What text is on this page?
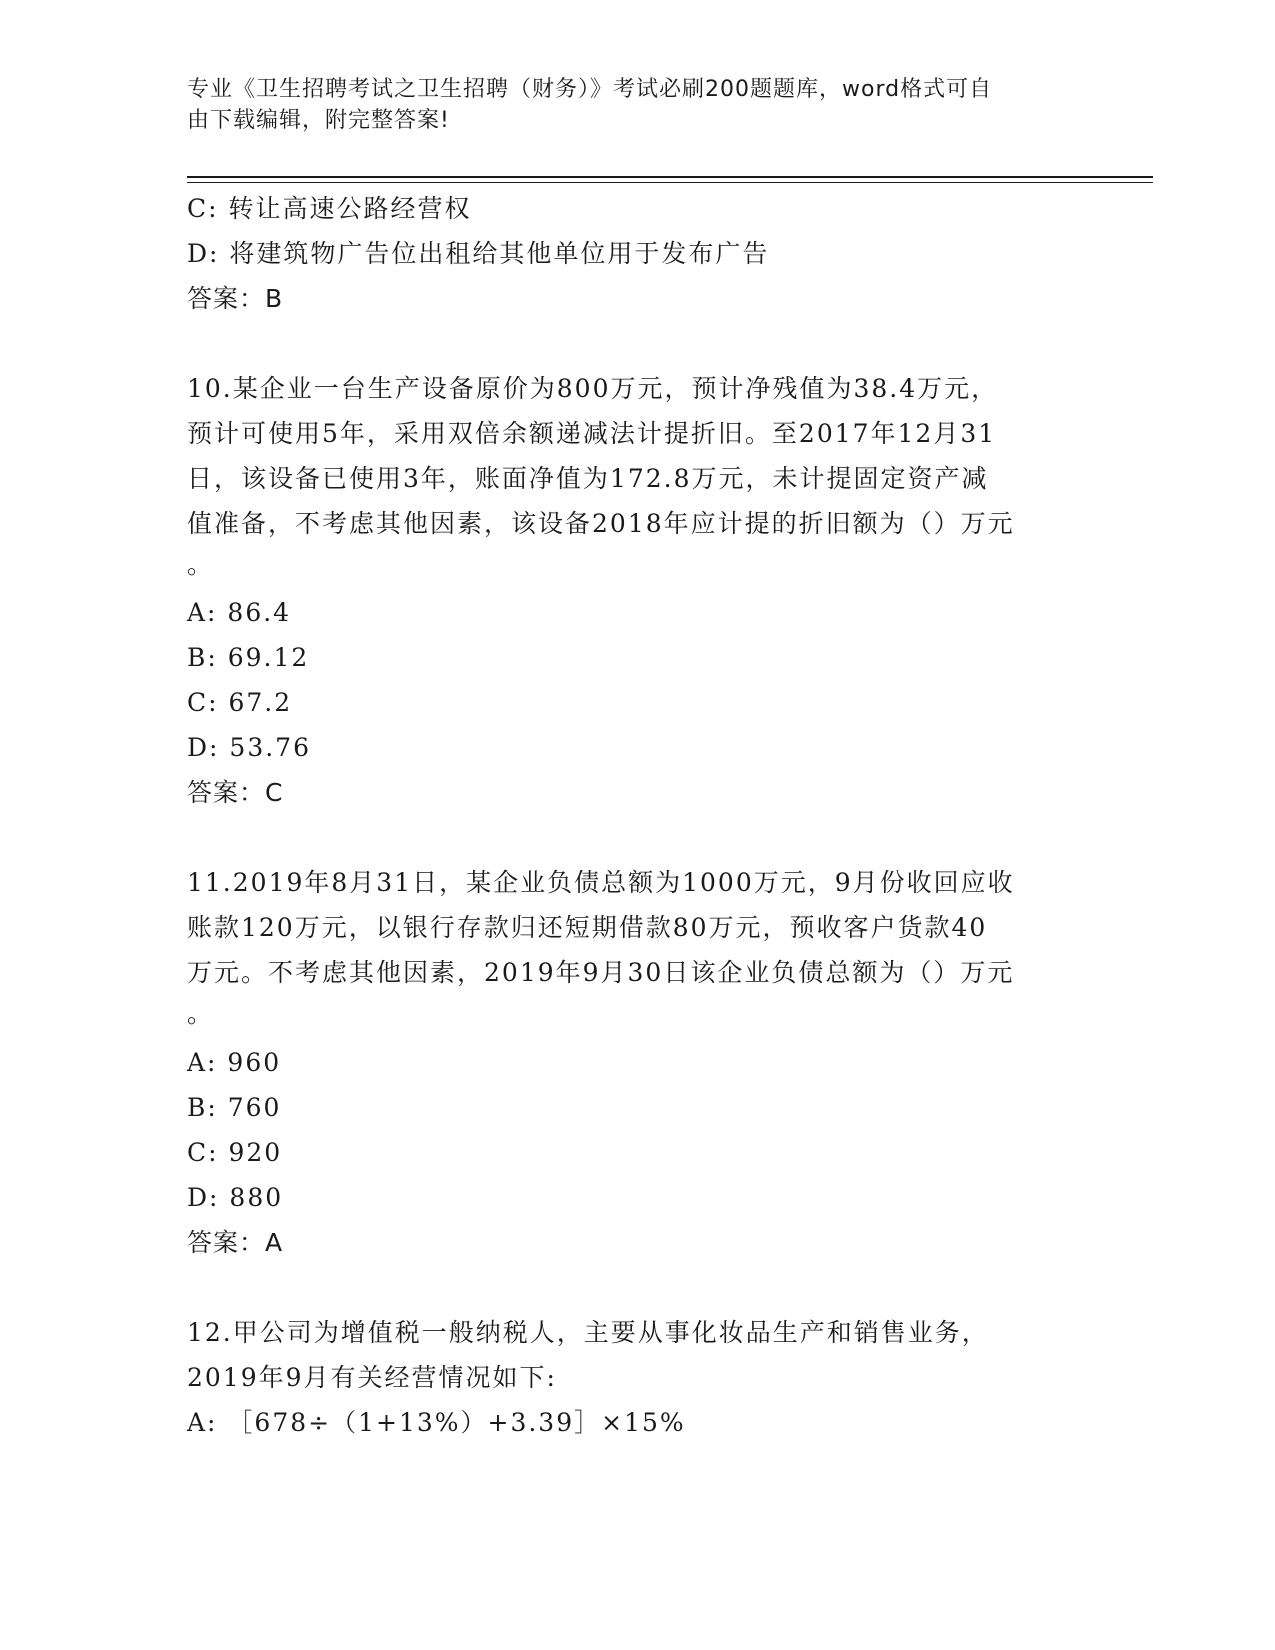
专业《卫生招聘考试之卫生招聘（财务）》考试必刷200题题库，word格式可自
由下载编辑，附完整答案!
C: 转让高速公路经营权
D: 将建筑物广告位出租给其他单位用于发布广告
答案：B
10.某企业一台生产设备原价为800万元，预计净残值为38.4万元，
预计可使用5年，采用双倍余额递减法计提折旧。至2017年12月31
日，该设备已使用3年，账面净值为172.8万元，未计提固定资产减
值准备，不考虑其他因素，该设备2018年应计提的折旧额为（）万元
。
A: 86.4
B: 69.12
C: 67.2
D: 53.76
答案：C
11.2019年8月31日，某企业负债总额为1000万元，9月份收回应收
账款120万元，以银行存款归还短期借款80万元，预收客户货款40
万元。不考虑其他因素，2019年9月30日该企业负债总额为（）万元
。
A: 960
B: 760
C: 920
D: 880
答案：A
12.甲公司为增值税一般纳税人，主要从事化妆品生产和销售业务，
2019年9月有关经营情况如下:
A: ［678÷（1+13%）+3.39］×15%
